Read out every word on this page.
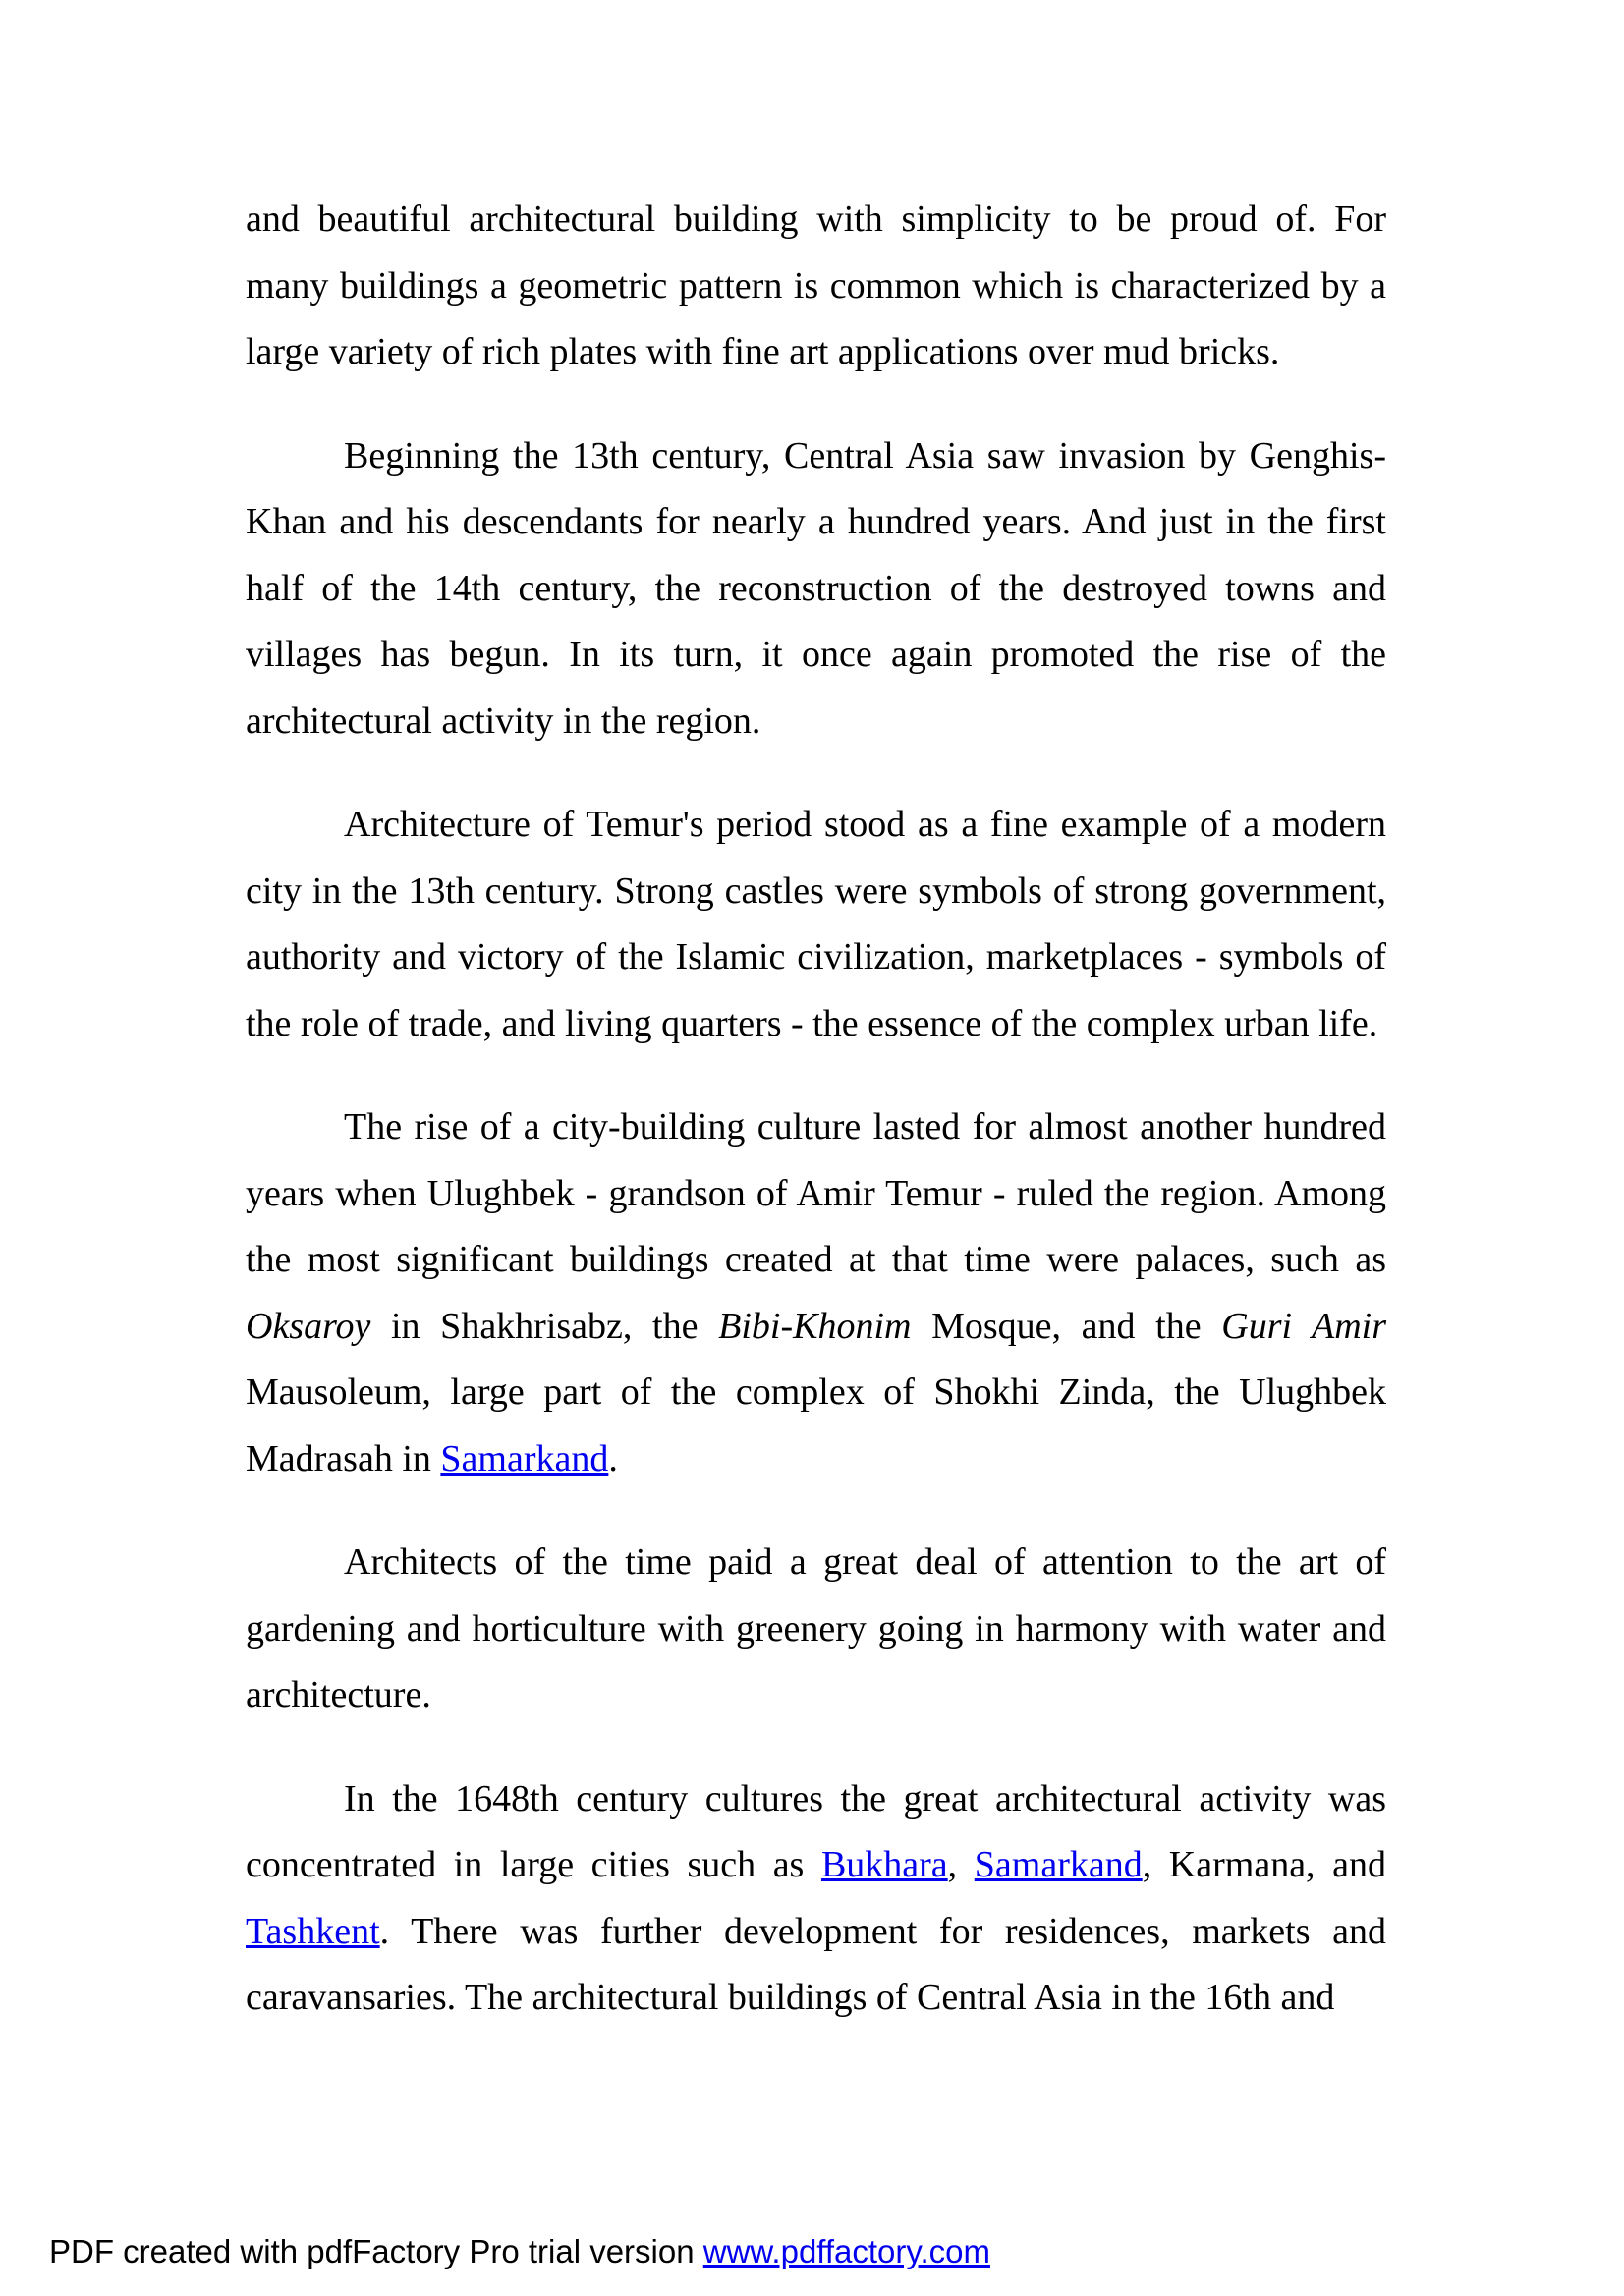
and beautiful architectural building with simplicity to be proud of. For many buildings a geometric pattern is common which is characterized by a large variety of rich plates with fine art applications over mud bricks.

Beginning the 13th century, Central Asia saw invasion by Genghis-Khan and his descendants for nearly a hundred years. And just in the first half of the 14th century, the reconstruction of the destroyed towns and villages has begun. In its turn, it once again promoted the rise of the architectural activity in the region.

Architecture of Temur's period stood as a fine example of a modern city in the 13th century. Strong castles were symbols of strong government, authority and victory of the Islamic civilization, marketplaces - symbols of the role of trade, and living quarters - the essence of the complex urban life.

The rise of a city-building culture lasted for almost another hundred years when Ulughbek - grandson of Amir Temur - ruled the region. Among the most significant buildings created at that time were palaces, such as Oksaroy in Shakhrisabz, the Bibi-Khonim Mosque, and the Guri Amir Mausoleum, large part of the complex of Shokhi Zinda, the Ulughbek Madrasah in Samarkand.

Architects of the time paid a great deal of attention to the art of gardening and horticulture with greenery going in harmony with water and architecture.

In the 1648th century cultures the great architectural activity was concentrated in large cities such as Bukhara, Samarkand, Karmana, and Tashkent. There was further development for residences, markets and caravansaries. The architectural buildings of Central Asia in the 16th and

PDF created with pdfFactory Pro trial version www.pdffactory.com
